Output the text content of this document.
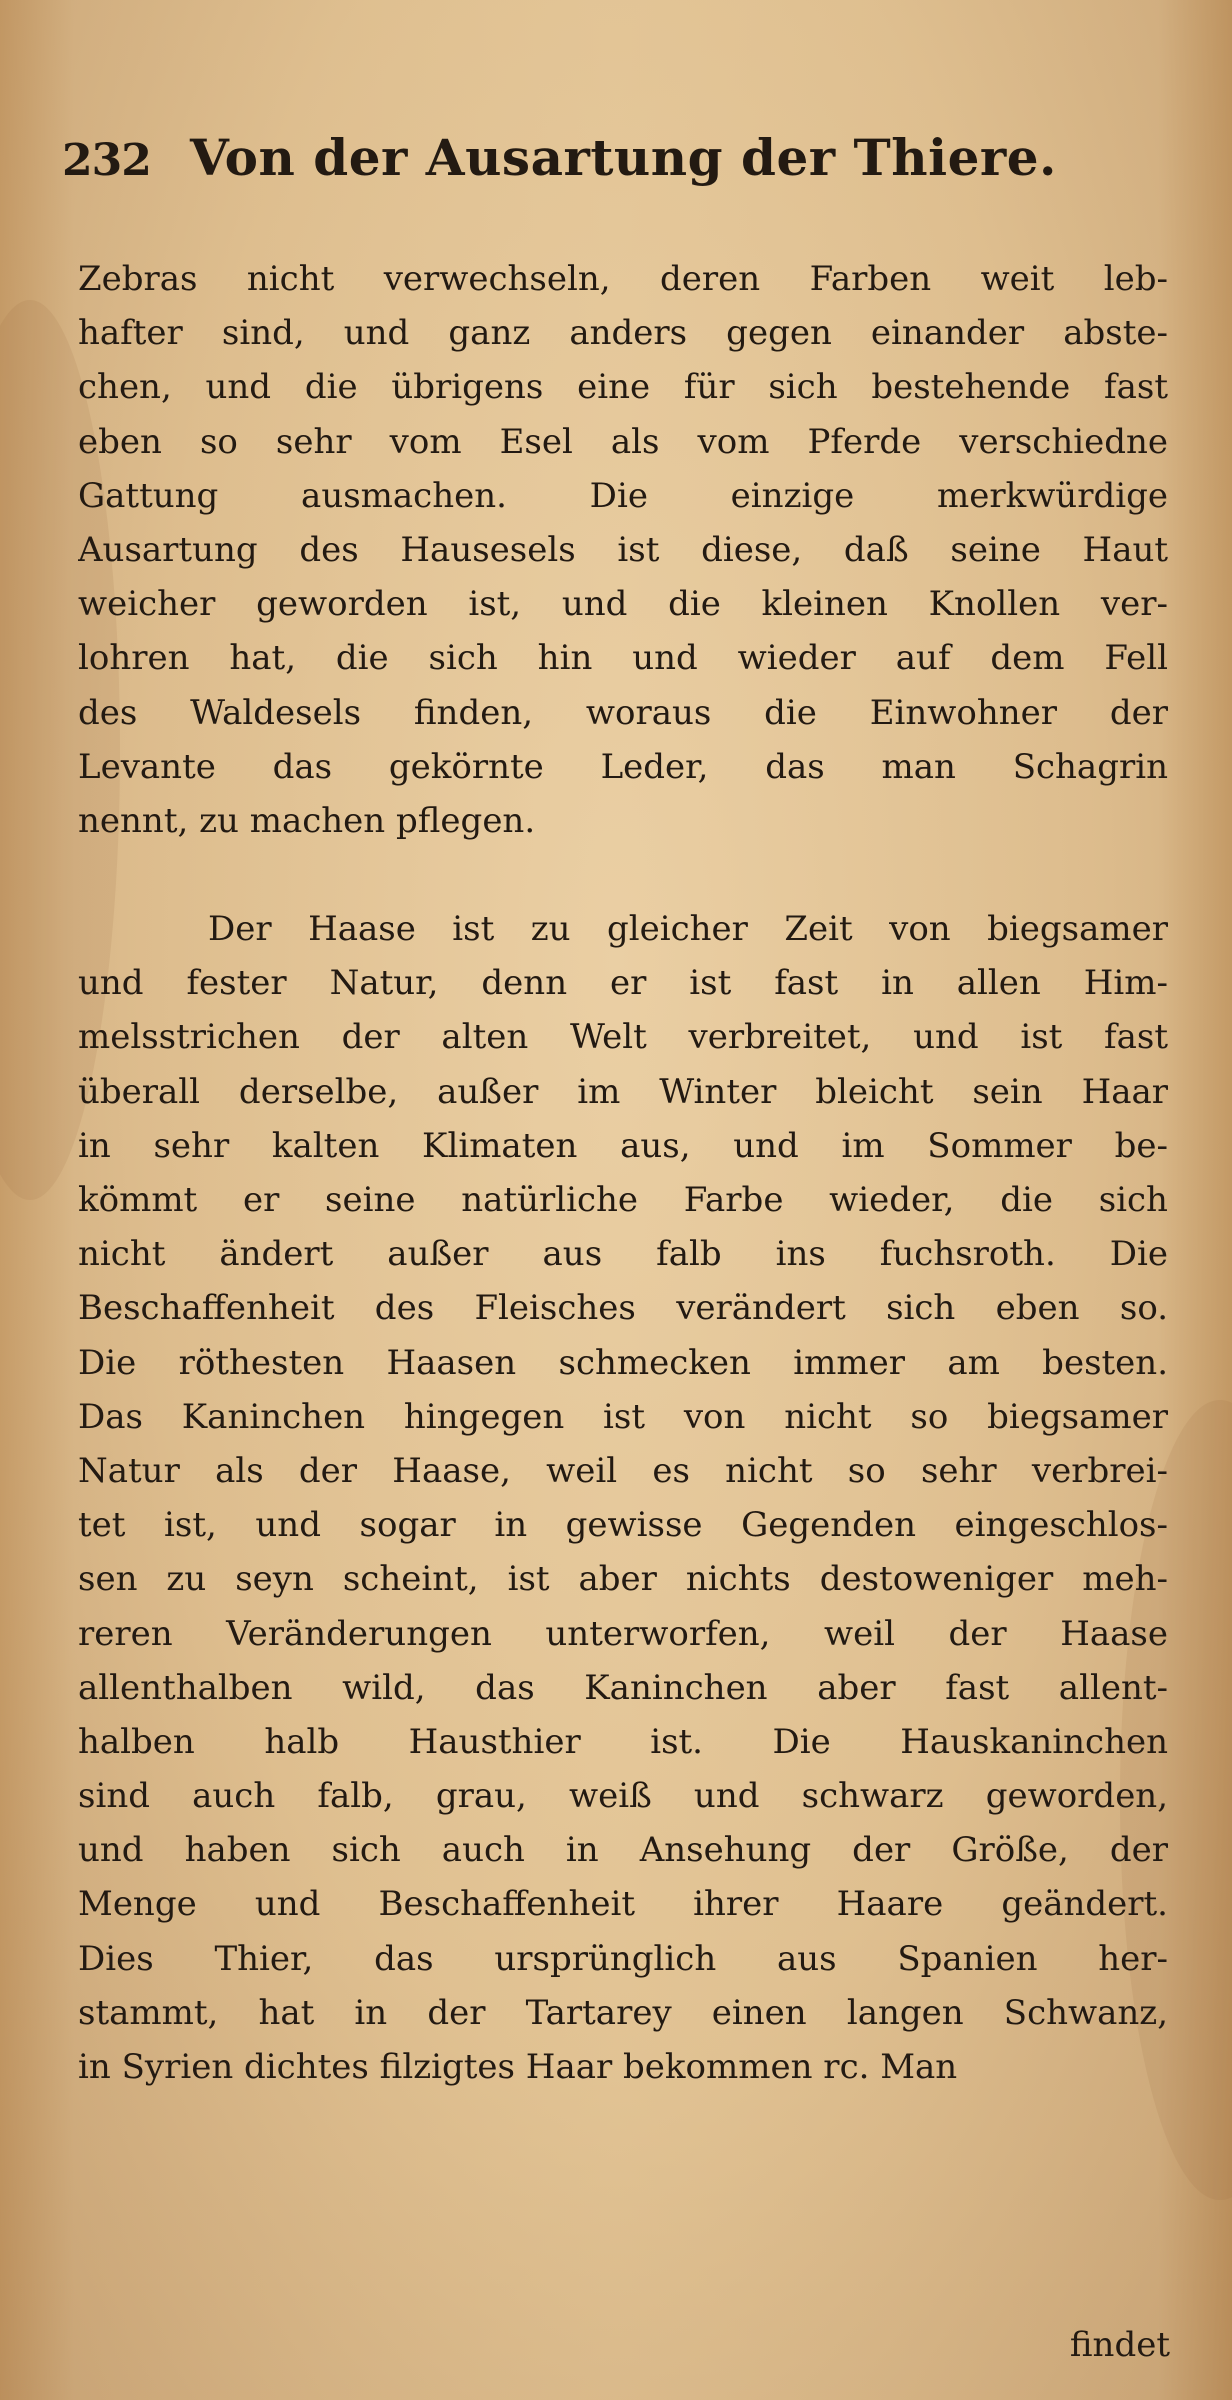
232 Von der Ausartung der Thiere.
Zebras nicht verwechseln, deren Farben weit leb-
hafter sind, und ganz anders gegen einander abste-
chen, und die übrigens eine für sich bestehende fast
eben so sehr vom Esel als vom Pferde verschiedne
Gattung ausmachen. Die einzige merkwürdige
Ausartung des Hausesels ist diese, daß seine Haut
weicher geworden ist, und die kleinen Knollen ver-
lohren hat, die sich hin und wieder auf dem Fell
des Waldesels finden, woraus die Einwohner der
Levante das gekörnte Leder, das man Schagrin
nennt, zu machen pflegen.
Der Haase ist zu gleicher Zeit von biegsamer
und fester Natur, denn er ist fast in allen Him-
melsstrichen der alten Welt verbreitet, und ist fast
überall derselbe, außer im Winter bleicht sein Haar
in sehr kalten Klimaten aus, und im Sommer be-
kömmt er seine natürliche Farbe wieder, die sich
nicht ändert außer aus falb ins fuchsroth. Die
Beschaffenheit des Fleisches verändert sich eben so.
Die röthesten Haasen schmecken immer am besten.
Das Kaninchen hingegen ist von nicht so biegsamer
Natur als der Haase, weil es nicht so sehr verbrei-
tet ist, und sogar in gewisse Gegenden eingeschlos-
sen zu seyn scheint, ist aber nichts destoweniger meh-
reren Veränderungen unterworfen, weil der Haase
allenthalben wild, das Kaninchen aber fast allent-
halben halb Hausthier ist. Die Hauskaninchen
sind auch falb, grau, weiß und schwarz geworden,
und haben sich auch in Ansehung der Größe, der
Menge und Beschaffenheit ihrer Haare geändert.
Dies Thier, das ursprünglich aus Spanien her-
stammt, hat in der Tartarey einen langen Schwanz,
in Syrien dichtes filzigtes Haar bekommen rc. Man
findet
